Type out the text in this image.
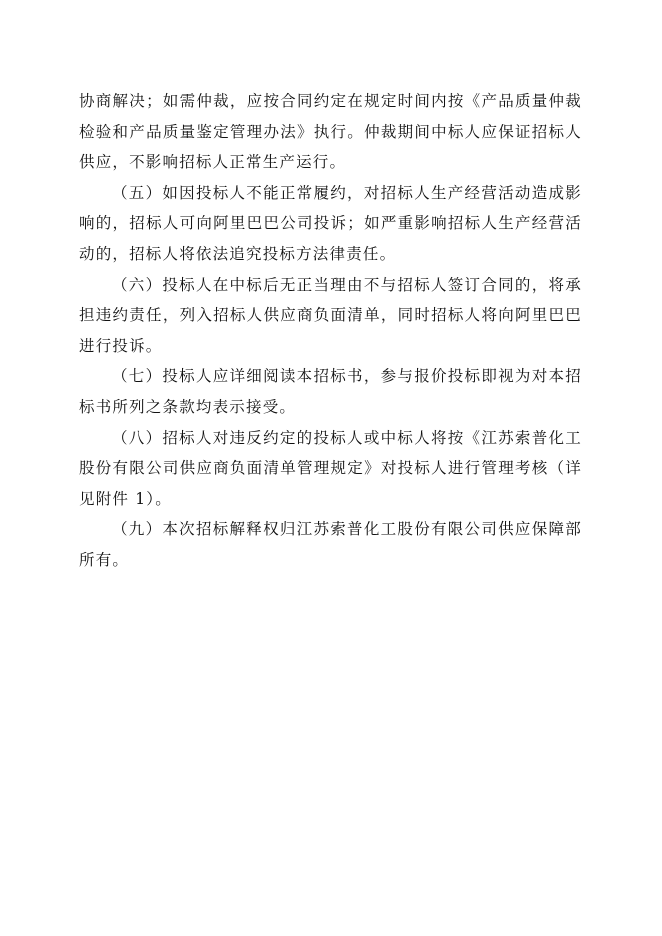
协商解决；如需仲裁，应按合同约定在规定时间内按《产品质量仲裁检验和产品质量鉴定管理办法》执行。仲裁期间中标人应保证招标人供应，不影响招标人正常生产运行。

（五）如因投标人不能正常履约，对招标人生产经营活动造成影响的，招标人可向阿里巴巴公司投诉；如严重影响招标人生产经营活动的，招标人将依法追究投标方法律责任。

（六）投标人在中标后无正当理由不与招标人签订合同的，将承担违约责任，列入招标人供应商负面清单，同时招标人将向阿里巴巴进行投诉。

（七）投标人应详细阅读本招标书，参与报价投标即视为对本招标书所列之条款均表示接受。

（八）招标人对违反约定的投标人或中标人将按《江苏索普化工股份有限公司供应商负面清单管理规定》对投标人进行管理考核（详见附件 1）。

（九）本次招标解释权归江苏索普化工股份有限公司供应保障部所有。
